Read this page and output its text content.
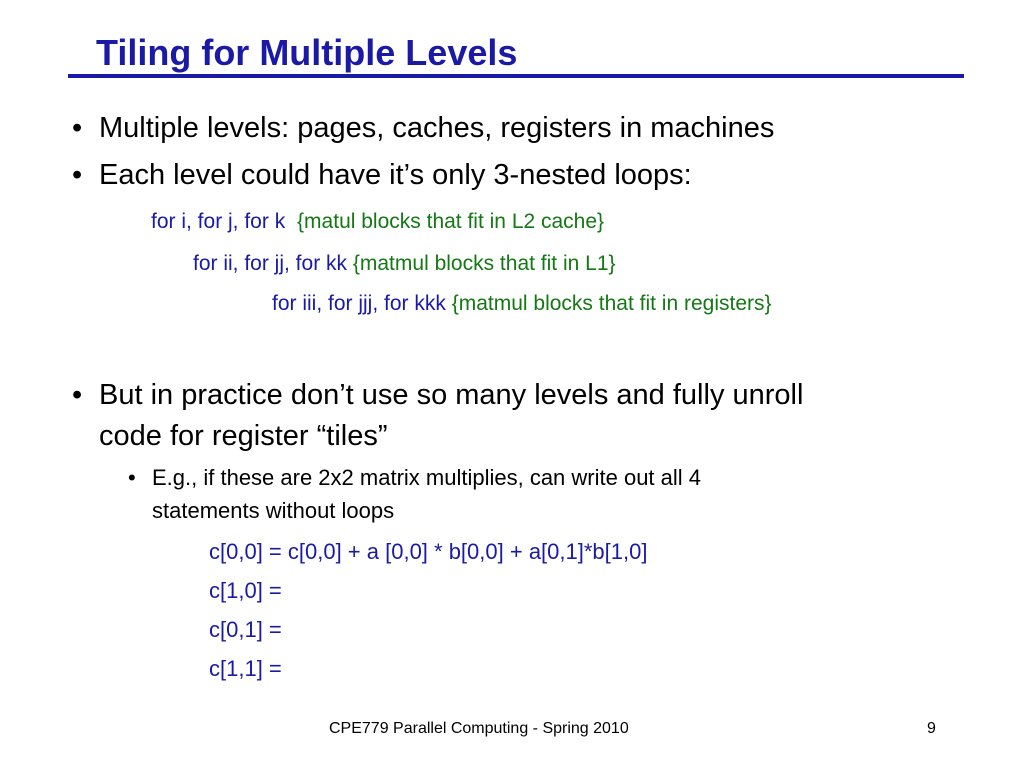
Tiling for Multiple Levels
• Multiple levels: pages, caches, registers in machines
• Each level could have it’s only 3-nested loops:
for i, for j, for k {matul blocks that fit in L2 cache}
for ii, for jj, for kk {matmul blocks that fit in L1}
for iii, for jjj, for kkk {matmul blocks that fit in registers}
• But in practice don’t use so many levels and fully unroll
code for register “tiles”
• E.g., if these are 2x2 matrix multiplies, can write out all 4
statements without loops
c[0,0] = c[0,0] + a [0,0] * b[0,0] + a[0,1]*b[1,0]
c[1,0] =
c[0,1] =
c[1,1] =
CPE779 Parallel Computing - Spring 2010	9
